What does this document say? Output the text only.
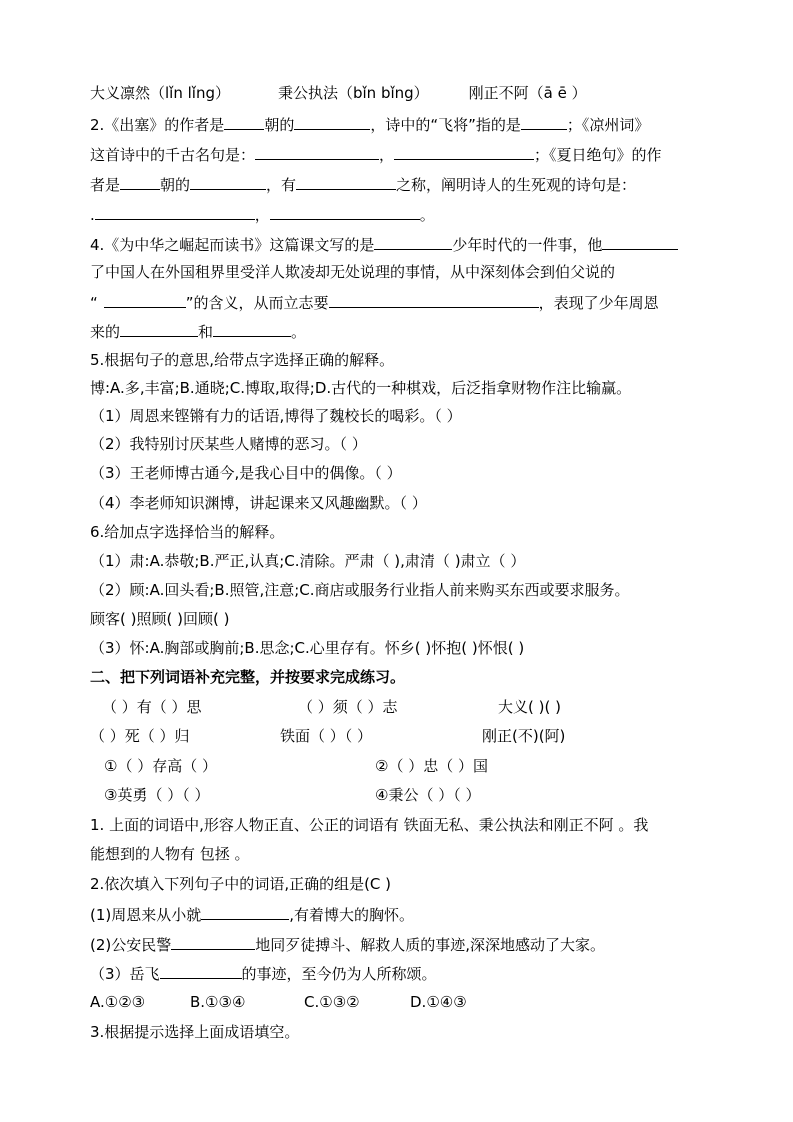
大义凛然（lǐn lǐng）	秉公执法（bǐn bǐng）	刚正不阿（ā ē ）
2.《出塞》的作者是	朝的	，诗中的“飞将”指的是	；《凉州词》
这首诗中的千古名句是：	，	；《夏日绝句》的作
者是	朝的	，有	之称，阐明诗人的生死观的诗句是：
.	，	。
4.《为中华之崛起而读书》这篇课文写的是	少年时代的一件事，他
了中国人在外国租界里受洋人欺凌却无处说理的事情，从中深刻体会到伯父说的
“	”的含义，从而立志要	，表现了少年周恩
来的	和	。
5.根据句子的意思,给带点字选择正确的解释。
博:A.多,丰富;B.通晓;C.博取,取得;D.古代的一种棋戏，后泛指拿财物作注比输赢。
（1）周恩来铿锵有力的话语,博得了魏校长的喝彩。（ ）
（2）我特别讨厌某些人赌博的恶习。（ ）
（3）王老师博古通今,是我心目中的偶像。（ ）
（4）李老师知识渊博，讲起课来又风趣幽默。（ ）
6.给加点字选择恰当的解释。
（1）肃:A.恭敬;B.严正,认真;C.清除。严肃（ ),肃清（ )肃立（ ）
（2）顾:A.回头看;B.照管,注意;C.商店或服务行业指人前来购买东西或要求服务。
顾客( )照顾( )回顾( )
（3）怀:A.胸部或胸前;B.思念;C.心里存有。怀乡( )怀抱( )怀恨( )
二、把下列词语补充完整，并按要求完成练习。
（ ）有（ ）思	（ ）须（ ）志	大义( )( )
（ ）死（ ）归	铁面（ ）（ ）	刚正(不)(阿)
①（ ）存高（ ）	②（ ）忠（ ）国
③英勇（ ）（ ）	④秉公（ ）（ ）
1. 上面的词语中,形容人物正直、公正的词语有 铁面无私、秉公执法和刚正不阿 。我
能想到的人物有 包拯 。
2.依次填入下列句子中的词语,正确的组是(C )
(1)周恩来从小就	,有着博大的胸怀。
(2)公安民警	地同歹徒搏斗、解救人质的事迹,深深地感动了大家。
（3）岳飞	的事迹，至今仍为人所称颂。
A.①②③	B.①③④	C.①③②	D.①④③
3.根据提示选择上面成语填空。
